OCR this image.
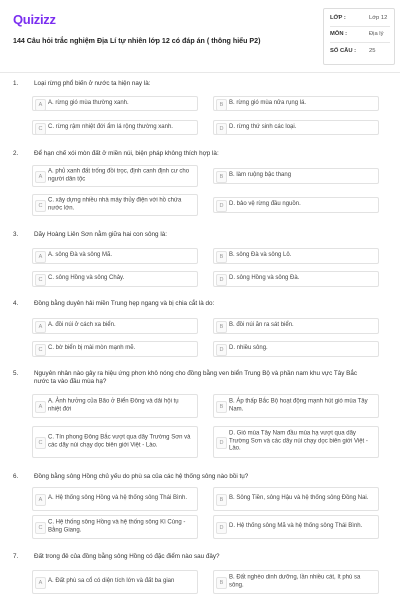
Quizizz
144 Câu hỏi trắc nghiệm Địa Lí tự nhiên lớp 12 có đáp án ( thông hiểu P2)
LỚP :	Lớp 12
MÔN :	Địa lý
SỐ CÂU : 25
1. Loại rừng phổ biến ở nước ta hiện nay là:
A A. rừng gió mùa thường xanh.	B B. rừng gió mùa nửa rụng lá.
C C. rừng rậm nhiệt đới ẩm lá rộng thường xanh.	D D. rừng thứ sinh các loại.
2. Để hạn chế xói mòn đất ở miền núi, biện pháp không thích hợp là:
A
A. phủ xanh đất trống đồi trọc, định canh định cư cho người dân tộc	B B. làm ruộng bậc thang
C
C. xây dựng nhiều nhà máy thủy điện với hồ chứa nước lớn.	D D. bảo vệ rừng đầu nguồn.
3. Dãy Hoàng Liên Sơn nằm giữa hai con sông là:
A A. sông Đà và sông Mã.	B B. sông Đà và sông Lô.
C C. sông Hồng và sông Chảy.	D D. sông Hồng và sông Đà.
4. Đồng bằng duyên hải miền Trung hẹp ngang và bị chia cắt là do:
A A. đồi núi ở cách xa biển.	B B. đồi núi ăn ra sát biển.
C C. bờ biển bị mài mòn mạnh mẽ.	D D. nhiều sông.
5. Nguyên nhân nào gây ra hiệu ứng phơn khô nóng cho đồng bằng ven biển Trung Bộ và phần nam khu vực Tây Bắc nước ta vào đầu mùa hạ?
A
A. Ảnh hưởng của Bão ở Biển Đông và dải hội tụ nhiệt đới	B
B. Áp thấp Bắc Bộ hoạt động mạnh hút gió mùa Tây Nam.
C
C. Tín phong Đông Bắc vượt qua dãy Trường Sơn và các dãy núi chạy dọc biên giới Việt - Lào.	D
D. Gió mùa Tây Nam đầu mùa hạ vượt qua dãy Trường Sơn và các dãy núi chạy dọc biên giới Việt - Lào.
6. Đồng bằng sông Hồng chủ yếu do phù sa của các hệ thống sông nào bồi tụ?
A A. Hệ thống sông Hồng và hệ thống sông Thái Bình.	B B. Sông Tiền, sông Hậu và hệ thống sông Đồng Nai.
C
C. Hệ thống sông Hồng và hệ thống sông Kì Cùng - Bằng Giang.	D D. Hệ thống sông Mã và hệ thống sông Thái Bình.
7. Đất trong đê của đồng bằng sông Hồng có đặc điểm nào sau đây?
A A. Đất phù sa cổ có diện tích lớn và đất ba gian	B
B. Đất nghèo dinh dưỡng, lần nhiều cát, ít phù sa sông.
